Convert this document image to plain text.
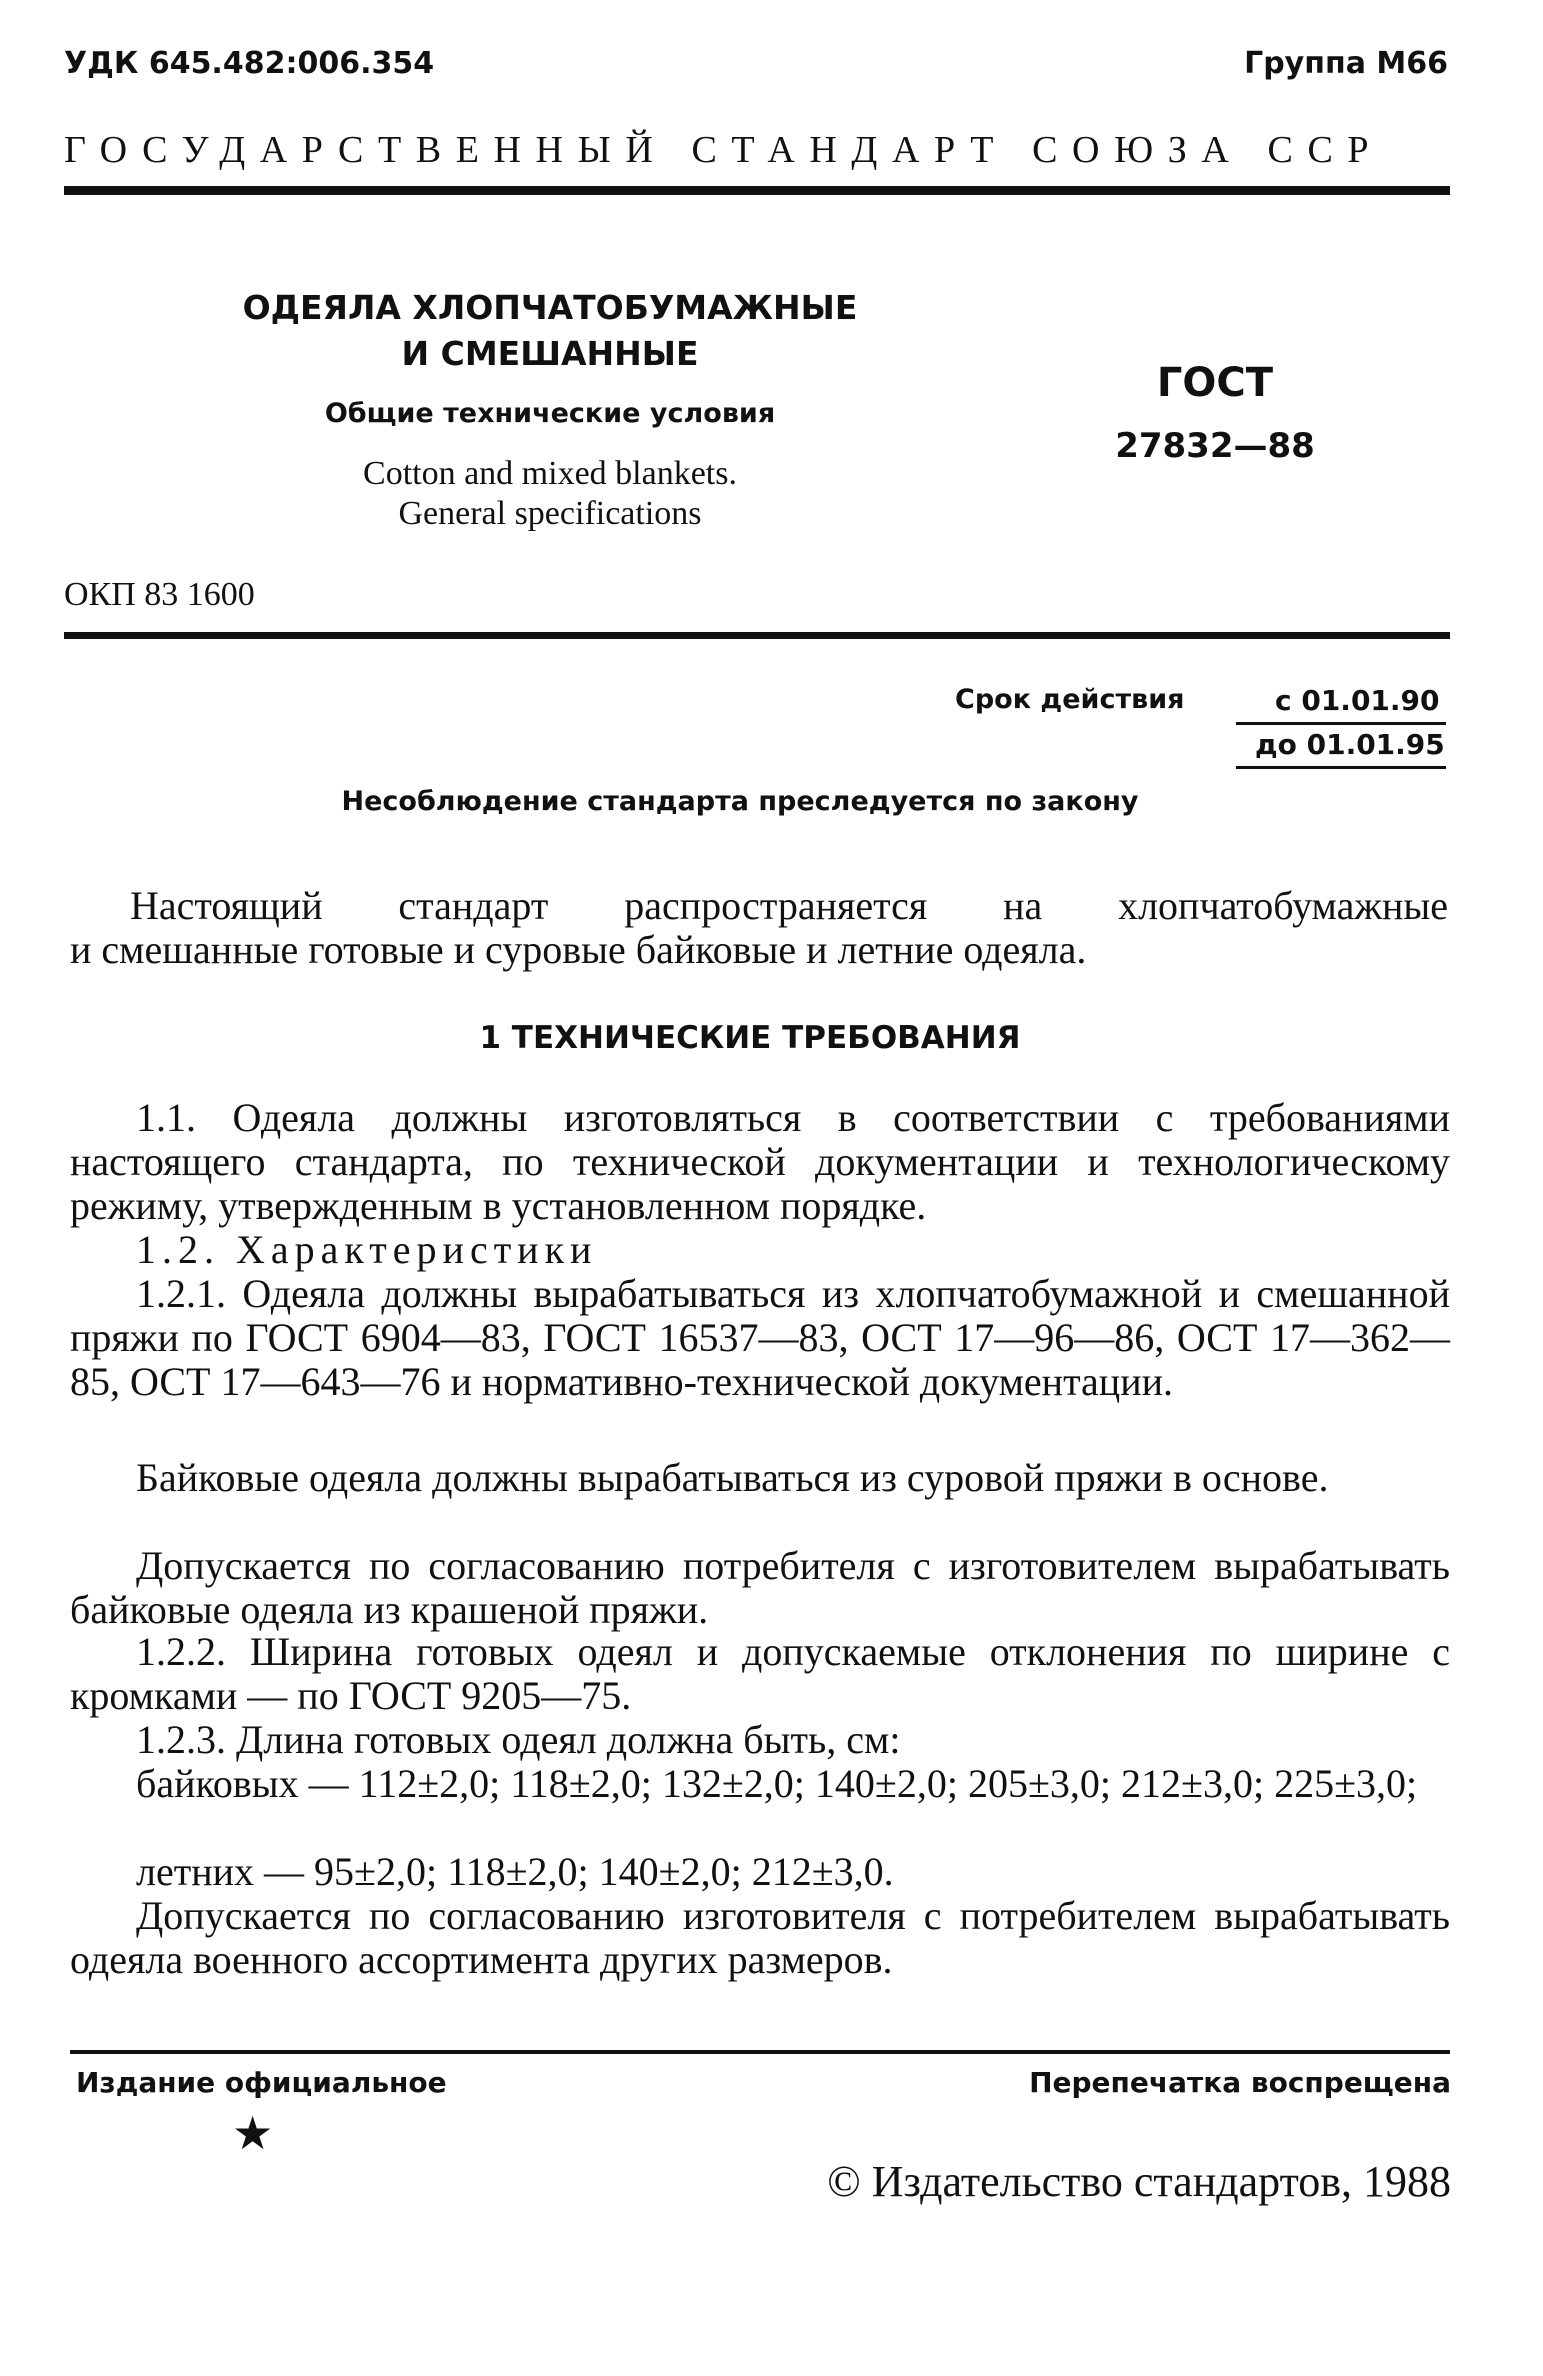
УДК 645.482:006.354	Группа М66
ГОСУДАРСТВЕННЫЙ СТАНДАРТ СОЮЗА ССР
ОДЕЯЛА ХЛОПЧАТОБУМАЖНЫЕ
И СМЕШАННЫЕ
Общие технические условия
Cotton and mixed blankets.
General specifications
ГОСТ
27832—88
ОКП 83 1600
Срок действия	с 01.01.90
до 01.01.95
Несоблюдение стандарта преследуется по закону
Настоящий стандарт распространяется на хлопчатобумажные
и смешанные готовые и суровые байковые и летние одеяла.
1 ТЕХНИЧЕСКИЕ ТРЕБОВАНИЯ
1.1. Одеяла должны изготовляться в соответствии с требованиями настоящего стандарта, по технической документации и технологическому режиму, утвержденным в установленном порядке.
1.2. Характеристики
1.2.1. Одеяла должны вырабатываться из хлопчатобумажной и смешанной пряжи по ГОСТ 6904—83, ГОСТ 16537—83, ОСТ 17—96—86, ОСТ 17—362—85, ОСТ 17—643—76 и нормативно-технической документации.
Байковые одеяла должны вырабатываться из суровой пряжи в основе.
Допускается по согласованию потребителя с изготовителем вырабатывать байковые одеяла из крашеной пряжи.
1.2.2. Ширина готовых одеял и допускаемые отклонения по ширине с кромками — по ГОСТ 9205—75.
1.2.3. Длина готовых одеял должна быть, см:
байковых — 112±2,0; 118±2,0; 132±2,0; 140±2,0; 205±3,0; 212±3,0; 225±3,0;
летних — 95±2,0; 118±2,0; 140±2,0; 212±3,0.
Допускается по согласованию изготовителя с потребителем вырабатывать одеяла военного ассортимента других размеров.
Издание официальное	Перепечатка воспрещена
★
© Издательство стандартов, 1988
